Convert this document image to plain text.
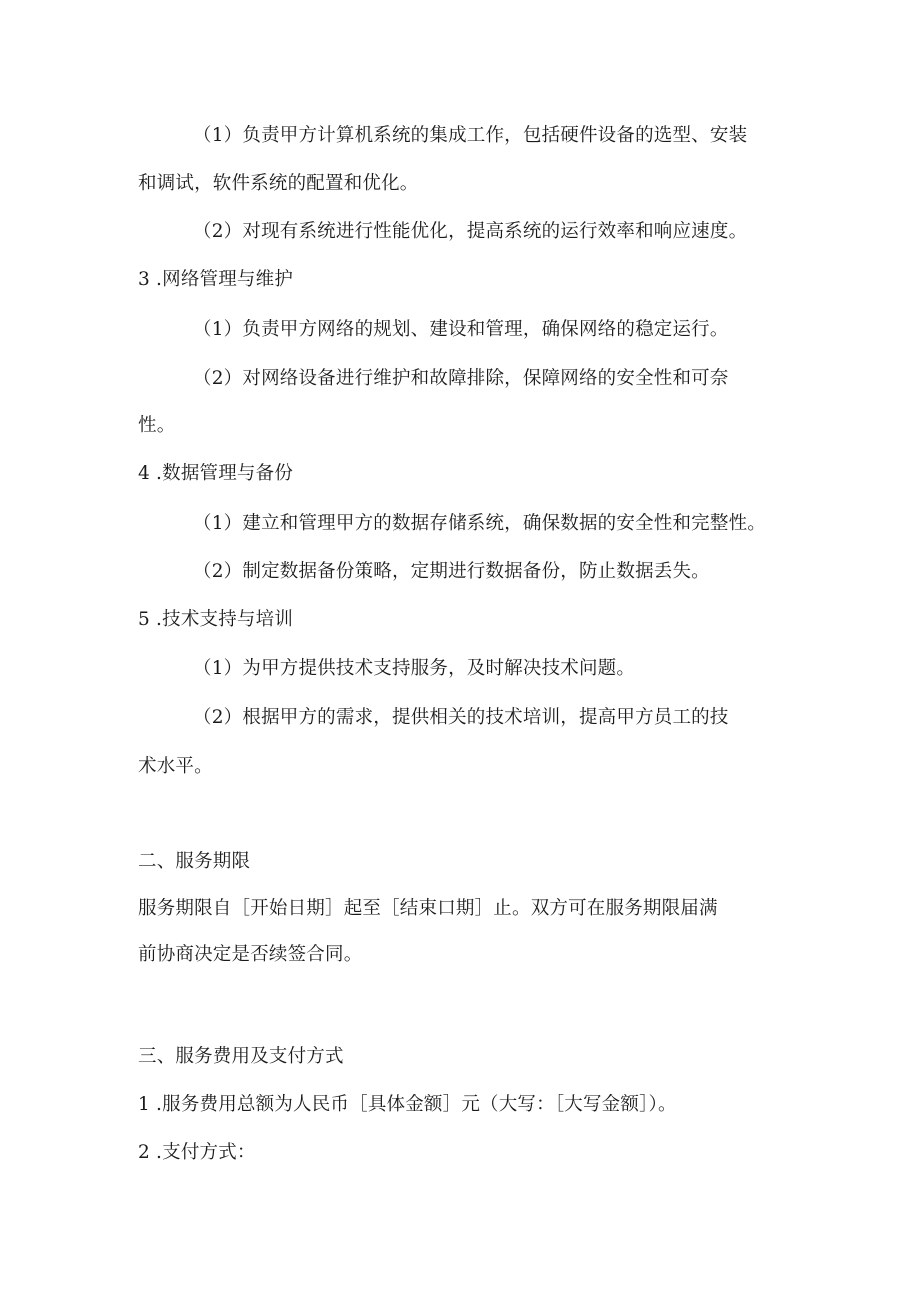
（1）负责甲方计算机系统的集成工作，包括硬件设备的选型、安装
和调试，软件系统的配置和优化。
（2）对现有系统进行性能优化，提高系统的运行效率和响应速度。
3 .网络管理与维护
（1）负责甲方网络的规划、建设和管理，确保网络的稳定运行。
（2）对网络设备进行维护和故障排除，保障网络的安全性和可奈
性。
4 .数据管理与备份
（1）建立和管理甲方的数据存储系统，确保数据的安全性和完整性。
（2）制定数据备份策略，定期进行数据备份，防止数据丢失。
5 .技术支持与培训
（1）为甲方提供技术支持服务，及时解决技术问题。
（2）根据甲方的需求，提供相关的技术培训，提高甲方员工的技
术水平。
二、服务期限
服务期限自［开始日期］起至［结束口期］止。双方可在服务期限届满
前协商决定是否续签合同。
三、服务费用及支付方式
1 .服务费用总额为人民币［具体金额］元（大写：［大写金额］）。
2 .支付方式：
